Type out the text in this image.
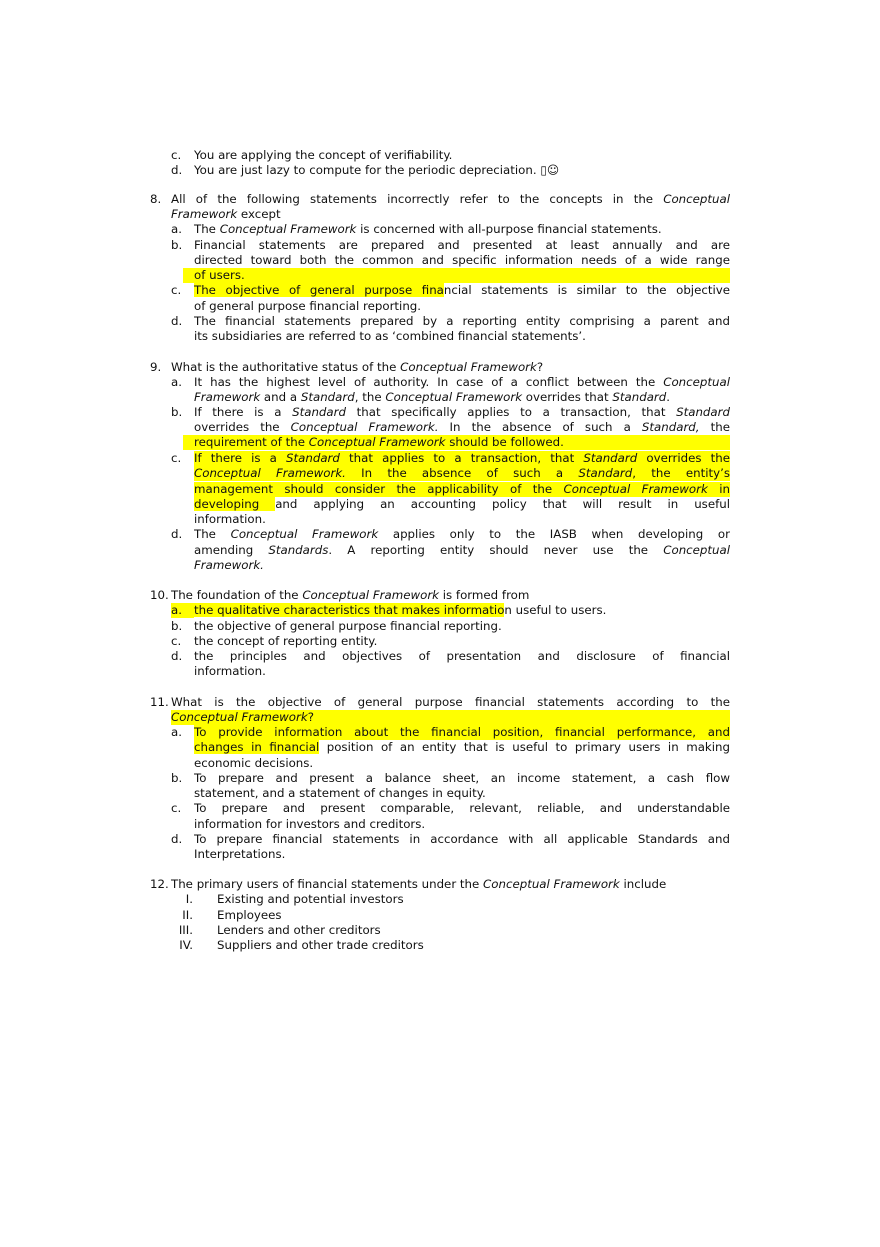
c. You are applying the concept of verifiability.
d. You are just lazy to compute for the periodic depreciation. ▯☺
8. All of the following statements incorrectly refer to the concepts in the Conceptual
Framework except
a. The Conceptual Framework is concerned with all-purpose financial statements.
b. Financial statements are prepared and presented at least annually and are
directed toward both the common and specific information needs of a wide range
of users.
c. The objective of general purpose financial statements is similar to the objective
of general purpose financial reporting.
d. The financial statements prepared by a reporting entity comprising a parent and
its subsidiaries are referred to as ‘combined financial statements’.
9. What is the authoritative status of the Conceptual Framework?
a. It has the highest level of authority. In case of a conflict between the Conceptual
Framework and a Standard, the Conceptual Framework overrides that Standard.
b. If there is a Standard that specifically applies to a transaction, that Standard
overrides the Conceptual Framework. In the absence of such a Standard, the
requirement of the Conceptual Framework should be followed.
c. If there is a Standard that applies to a transaction, that Standard overrides the
Conceptual Framework. In the absence of such a Standard, the entity’s
management should consider the applicability of the Conceptual Framework in
developing and applying an accounting policy that will result in useful
information.
d. The Conceptual Framework applies only to the IASB when developing or
amending Standards. A reporting entity should never use the Conceptual
Framework.
10. The foundation of the Conceptual Framework is formed from
a.	the qualitative characteristics that makes information useful to users.
b. the objective of general purpose financial reporting.
c. the concept of reporting entity.
d. the principles and objectives of presentation and disclosure of financial
information.
11. What is the objective of general purpose financial statements according to the
Conceptual Framework?
a. To provide information about the financial position, financial performance, and
changes in financial position of an entity that is useful to primary users in making
economic decisions.
b. To prepare and present a balance sheet, an income statement, a cash flow
statement, and a statement of changes in equity.
c. To prepare and present comparable, relevant, reliable, and understandable
information for investors and creditors.
d. To prepare financial statements in accordance with all applicable Standards and
Interpretations.
12. The primary users of financial statements under the Conceptual Framework include
I. Existing and potential investors
II. Employees
III. Lenders and other creditors
IV. Suppliers and other trade creditors
